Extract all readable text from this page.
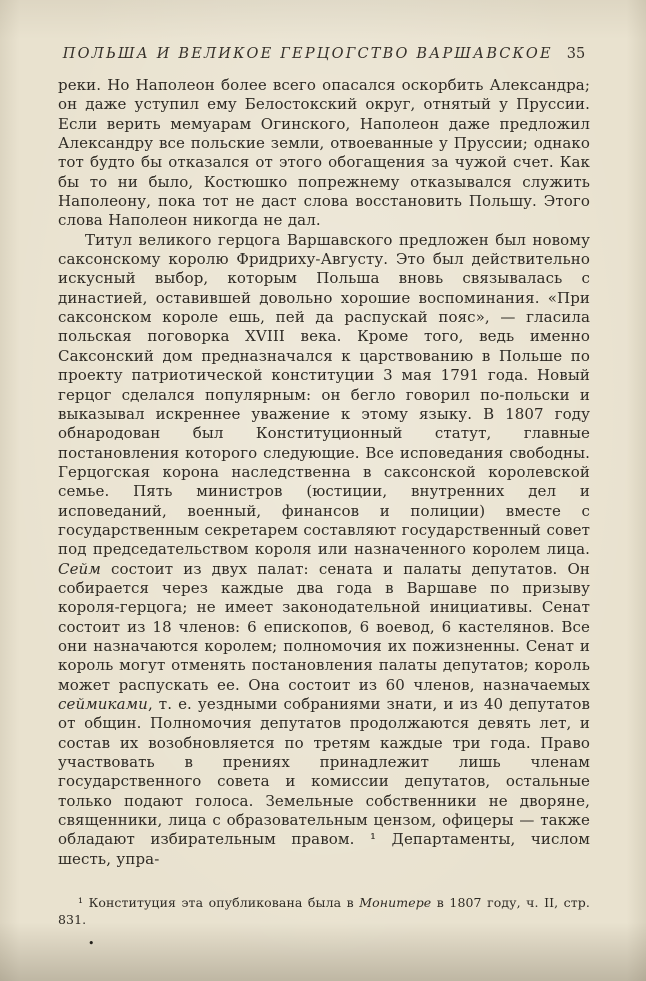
ПОЛЬША И ВЕЛИКОЕ ГЕРЦОГСТВО ВАРШАВСКОЕ 35

реки. Но Наполеон более всего опасался оскорбить Александра; он даже уступил ему Белостокский округ, отнятый у Пруссии. Если верить мемуарам Огинского, Наполеон даже предложил Александру все польские земли, отвоеванные у Пруссии; однако тот будто бы отказался от этого обогащения за чужой счет. Как бы то ни было, Костюшко попрежнему отказывался служить Наполеону, пока тот не даст слова восстановить Польшу. Этого слова Наполеон никогда не дал.

Титул великого герцога Варшавского предложен был новому саксонскому королю Фридриху-Августу. Это был действительно искусный выбор, которым Польша вновь связывалась с династией, оставившей довольно хорошие воспоминания. «При саксонском короле ешь, пей да распускай пояс», — гласила польская поговорка XVIII века. Кроме того, ведь именно Саксонский дом предназначался к царствованию в Польше по проекту патриотической конституции 3 мая 1791 года. Новый герцог сделался популярным: он бегло говорил по-польски и выказывал искреннее уважение к этому языку. В 1807 году обнародован был Конституционный статут, главные постановления которого следующие. Все исповедания свободны. Герцогская корона наследственна в саксонской королевской семье. Пять министров (юстиции, внутренних дел и исповеданий, военный, финансов и полиции) вместе с государственным секретарем составляют государственный совет под председательством короля или назначенного королем лица. Сейм состоит из двух палат: сената и палаты депутатов. Он собирается через каждые два года в Варшаве по призыву короля-герцога; не имеет законодательной инициативы. Сенат состоит из 18 членов: 6 епископов, 6 воевод, 6 кастелянов. Все они назначаются королем; полномочия их пожизненны. Сенат и король могут отменять постановления палаты депутатов; король может распускать ее. Она состоит из 60 членов, назначаемых сеймиками, т. е. уездными собраниями знати, и из 40 депутатов от общин. Полномочия депутатов продолжаются девять лет, и состав их возобновляется по третям каждые три года. Право участвовать в прениях принадлежит лишь членам государственного совета и комиссии депутатов, остальные только подают голоса. Земельные собственники не дворяне, священники, лица с образовательным цензом, офицеры — также обладают избирательным правом. ¹ Департаменты, числом шесть, упра-

¹ Конституция эта опубликована была в Монитере в 1807 году, ч. II, стр. 831.
•
